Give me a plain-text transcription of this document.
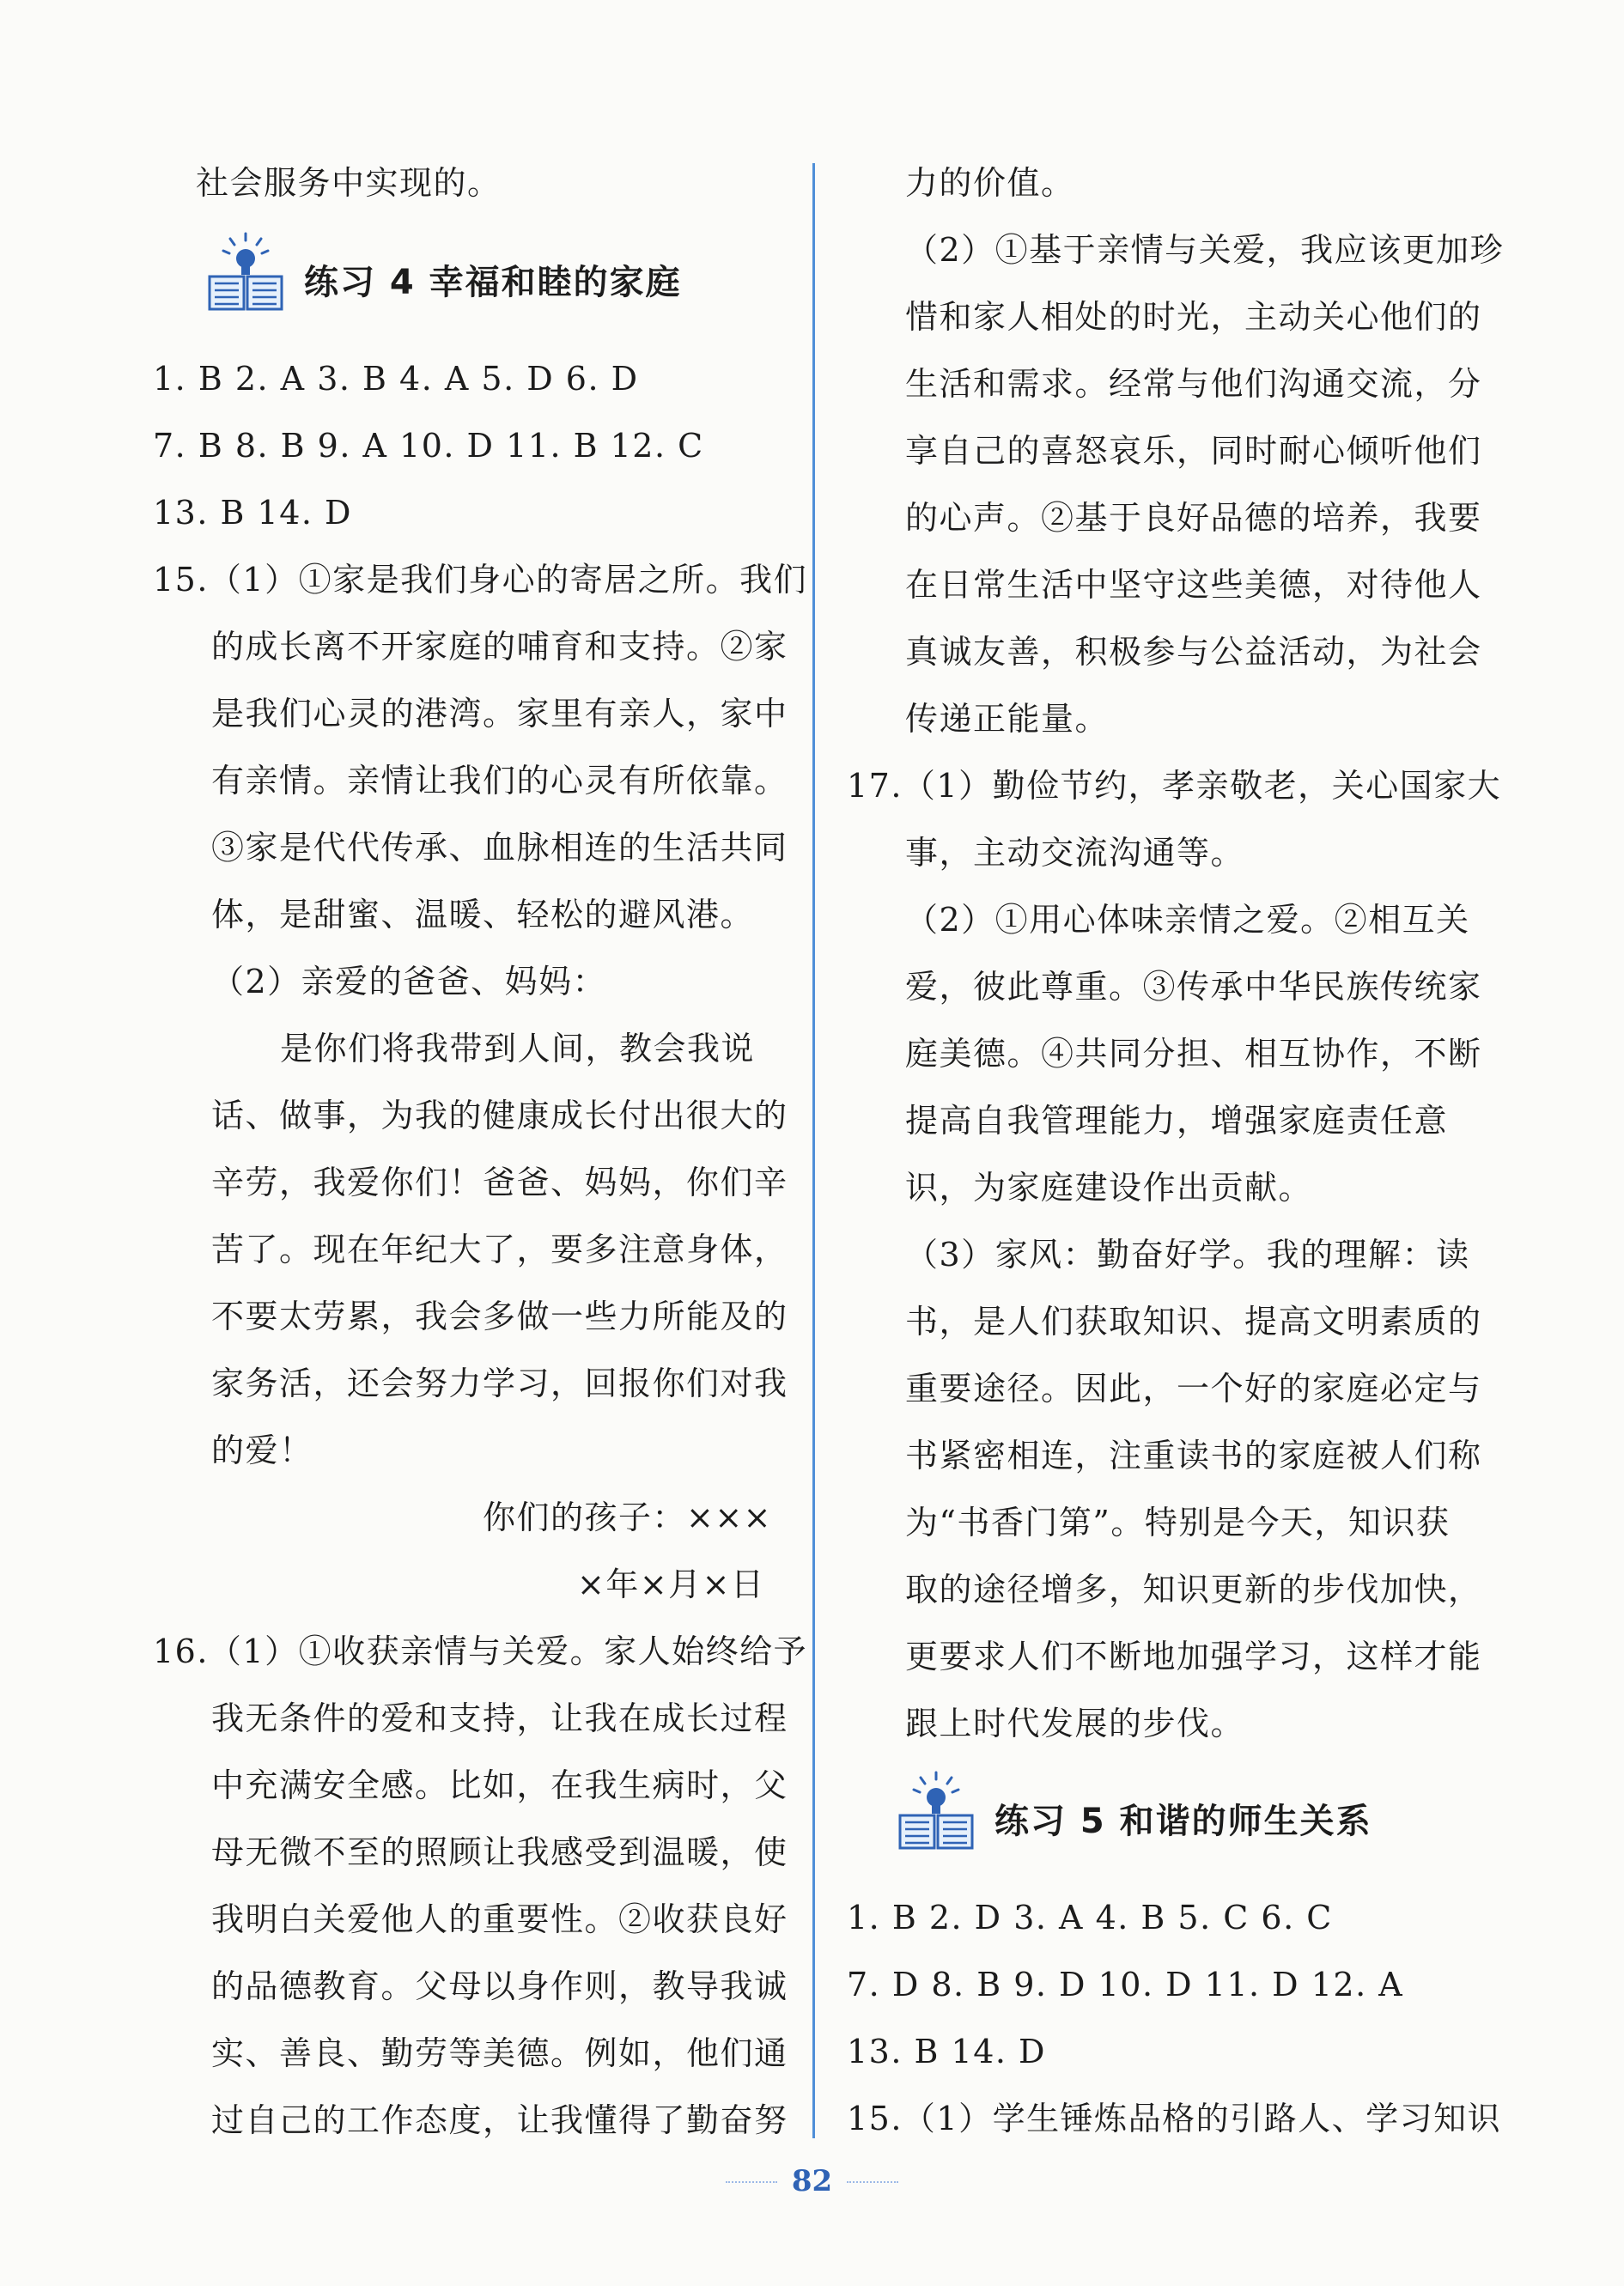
社会服务中实现的。
练习 4 幸福和睦的家庭
1. B 2. A 3. B 4. A 5. D 6. D
7. B 8. B 9. A 10. D 11. B 12. C
13. B 14. D
15.（1）①家是我们身心的寄居之所。我们
的成长离不开家庭的哺育和支持。②家
是我们心灵的港湾。家里有亲人，家中
有亲情。亲情让我们的心灵有所依靠。
③家是代代传承、血脉相连的生活共同
体，是甜蜜、温暖、轻松的避风港。
（2）亲爱的爸爸、妈妈：
是你们将我带到人间，教会我说
话、做事，为我的健康成长付出很大的
辛劳，我爱你们！爸爸、妈妈，你们辛
苦了。现在年纪大了，要多注意身体，
不要太劳累，我会多做一些力所能及的
家务活，还会努力学习，回报你们对我
的爱！
你们的孩子：×××
×年×月×日
16.（1）①收获亲情与关爱。家人始终给予
我无条件的爱和支持，让我在成长过程
中充满安全感。比如，在我生病时，父
母无微不至的照顾让我感受到温暖，使
我明白关爱他人的重要性。②收获良好
的品德教育。父母以身作则，教导我诚
实、善良、勤劳等美德。例如，他们通
过自己的工作态度，让我懂得了勤奋努
力的价值。
（2）①基于亲情与关爱，我应该更加珍
惜和家人相处的时光，主动关心他们的
生活和需求。经常与他们沟通交流，分
享自己的喜怒哀乐，同时耐心倾听他们
的心声。②基于良好品德的培养，我要
在日常生活中坚守这些美德，对待他人
真诚友善，积极参与公益活动，为社会
传递正能量。
17.（1）勤俭节约，孝亲敬老，关心国家大
事，主动交流沟通等。
（2）①用心体味亲情之爱。②相互关
爱，彼此尊重。③传承中华民族传统家
庭美德。④共同分担、相互协作，不断
提高自我管理能力，增强家庭责任意
识，为家庭建设作出贡献。
（3）家风：勤奋好学。我的理解：读
书，是人们获取知识、提高文明素质的
重要途径。因此，一个好的家庭必定与
书紧密相连，注重读书的家庭被人们称
为“书香门第”。特别是今天，知识获
取的途径增多，知识更新的步伐加快，
更要求人们不断地加强学习，这样才能
跟上时代发展的步伐。
练习 5 和谐的师生关系
1. B 2. D 3. A 4. B 5. C 6. C
7. D 8. B 9. D 10. D 11. D 12. A
13. B 14. D
15.（1）学生锤炼品格的引路人、学习知识
82
